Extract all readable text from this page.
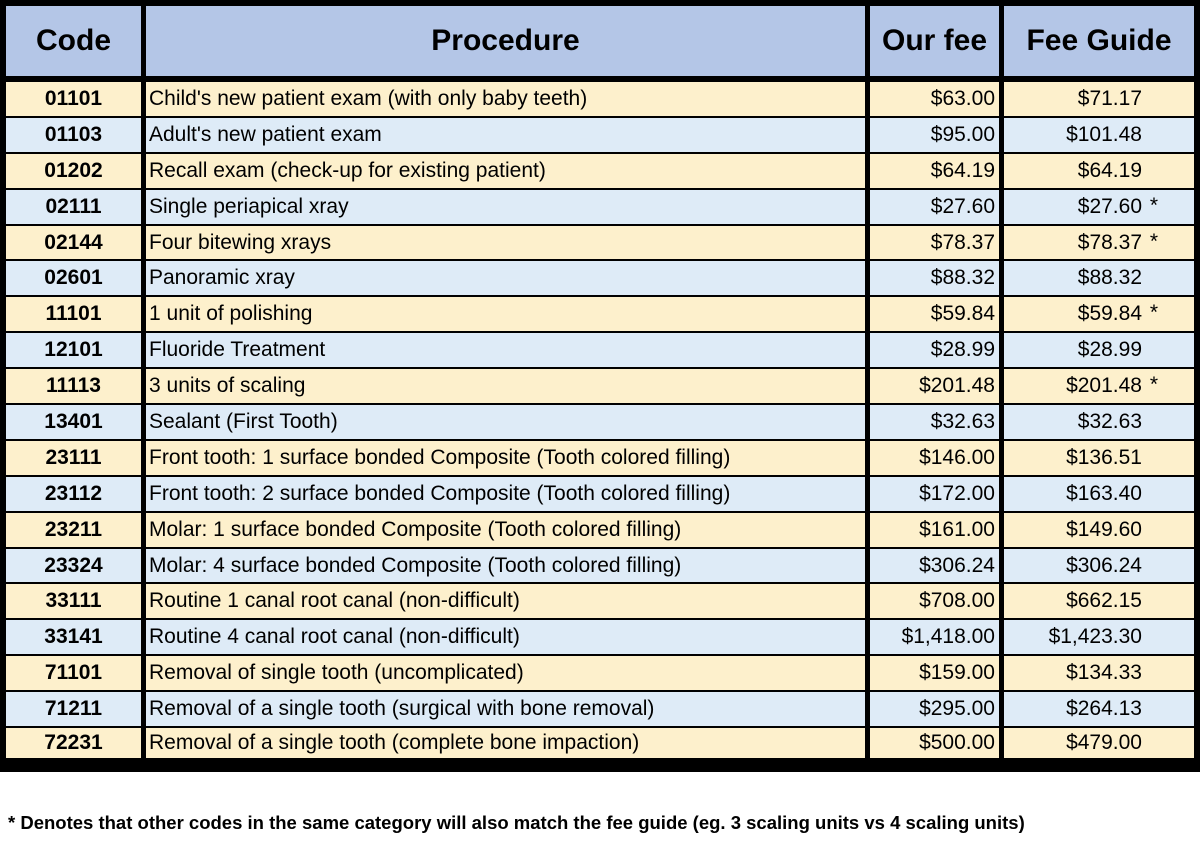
Code	Procedure	Our fee	Fee Guide
01101	Child's new patient exam (with only baby teeth)	$63.00	$71.17
01103	Adult's new patient exam	$95.00	$101.48
01202	Recall exam (check-up for existing patient)	$64.19	$64.19
02111	Single periapical xray	$27.60	$27.60 *

02144	Four bitewing xrays	$78.37	$78.37 *

02601	Panoramic xray	$88.32	$88.32
11101	1 unit of polishing	$59.84	$59.84 *

12101	Fluoride Treatment	$28.99	$28.99
11113	3 units of scaling	$201.48	$201.48 *

13401	Sealant (First Tooth)	$32.63	$32.63
23111	Front tooth: 1 surface bonded Composite (Tooth colored filling)	$146.00	$136.51
23112	Front tooth: 2 surface bonded Composite (Tooth colored filling)	$172.00	$163.40
23211	Molar: 1 surface bonded Composite (Tooth colored filling)	$161.00	$149.60
23324	Molar: 4 surface bonded Composite (Tooth colored filling)	$306.24	$306.24
33111	Routine 1 canal root canal (non-difficult)	$708.00	$662.15
33141	Routine 4 canal root canal (non-difficult)	$1,418.00	$1,423.30
71101	Removal of single tooth (uncomplicated)	$159.00	$134.33
71211	Removal of a single tooth (surgical with bone removal)	$295.00	$264.13
72231	Removal of a single tooth (complete bone impaction)	$500.00	$479.00
* Denotes that other codes in the same category will also match the fee guide (eg. 3 scaling units vs 4 scaling units)
